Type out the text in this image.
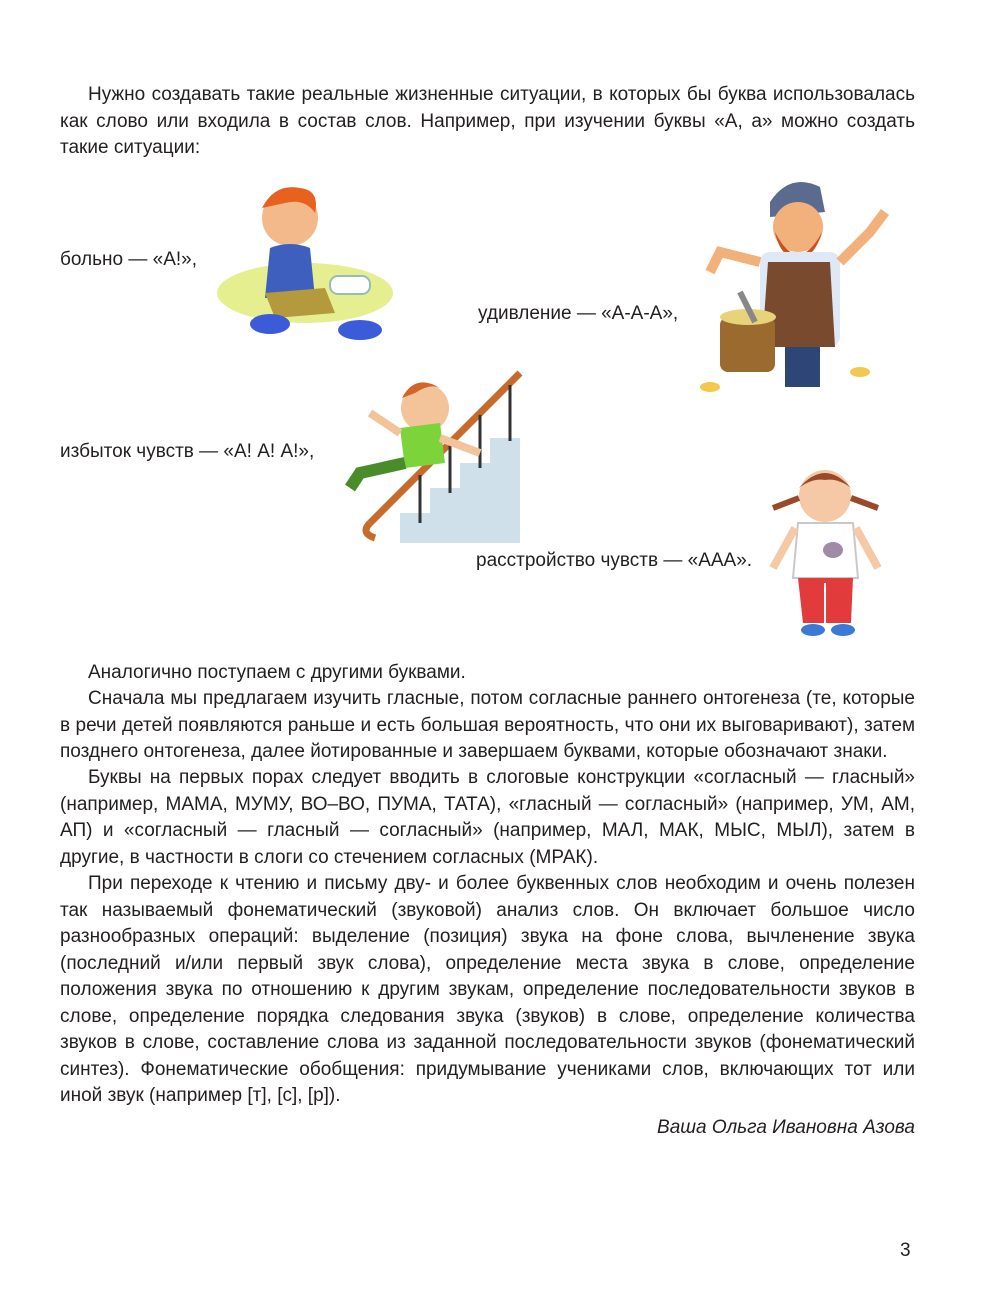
Нужно создавать такие реальные жизненные ситуации, в которых бы буква использовалась как слово или входила в состав слов. Например, при изучении буквы «А, а» можно создать такие ситуации:

больно — «А!»,

удивление — «А-А-А»,

избыток чувств — «А! А! А!»,

расстройство чувств — «ААА».

Аналогично поступаем с другими буквами.

Сначала мы предлагаем изучить гласные, потом согласные раннего онтогенеза (те, которые в речи детей появляются раньше и есть большая вероятность, что они их выговаривают), затем позднего онтогенеза, далее йотированные и завершаем буквами, которые обозначают знаки.

Буквы на первых порах следует вводить в слоговые конструкции «согласный — гласный» (например, МАМА, МУМУ, ВО–ВО, ПУМА, ТАТА), «гласный — согласный» (например, УМ, АМ, АП) и «согласный — гласный — согласный» (например, МАЛ, МАК, МЫС, МЫЛ), затем в другие, в частности в слоги со стечением согласных (МРАК).

При переходе к чтению и письму дву- и более буквенных слов необходим и очень полезен так называемый фонематический (звуковой) анализ слов. Он включает большое число разнообразных операций: выделение (позиция) звука на фоне слова, вычленение звука (последний и/или первый звук слова), определение места звука в слове, определение положения звука по отношению к другим звукам, определение последовательности звуков в слове, определение порядка следования звука (звуков) в слове, определение количества звуков в слове, составление слова из заданной последовательности звуков (фонематический синтез). Фонематические обобщения: придумывание учениками слов, включающих тот или иной звук (например [т], [с], [р]).

Ваша Ольга Ивановна Азова

3
